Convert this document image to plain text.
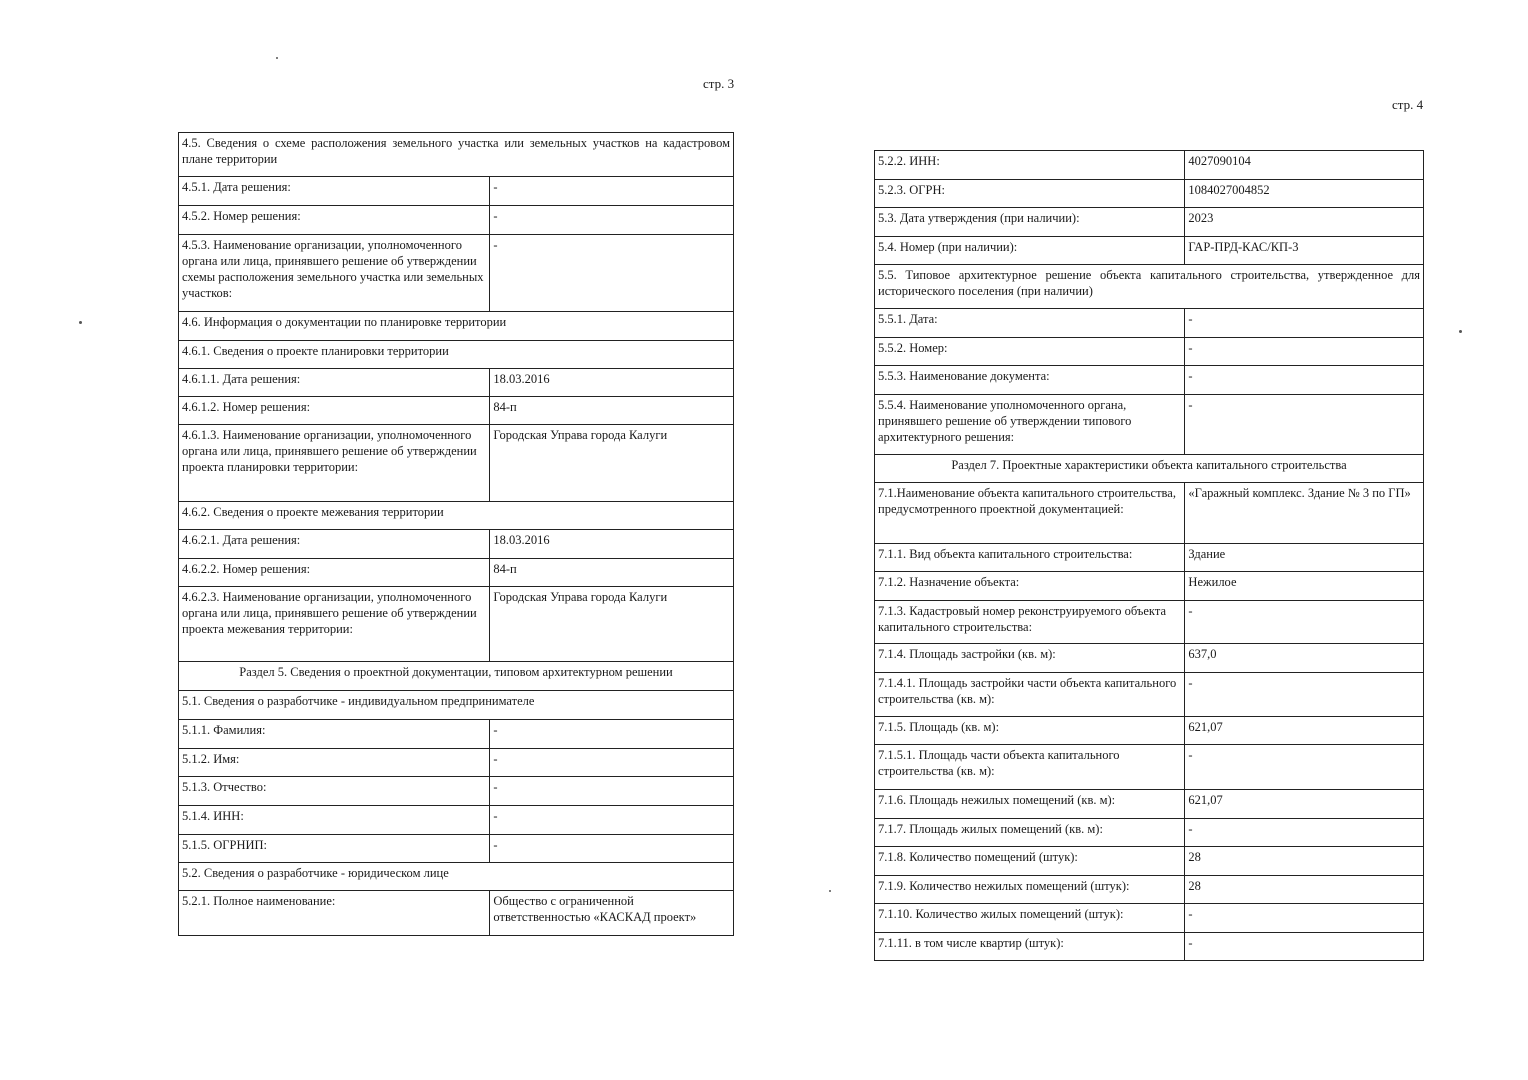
стр. 3
стр. 4
4.5. Сведения о схеме расположения земельного участка или земельных участков на кадастровом плане территории	
4.5.1. Дата решения:	-
4.5.2. Номер решения:	-
4.5.3. Наименование организации, уполномоченного органа или лица, принявшего решение об утверждении схемы расположения земельного участка или земельных участков:	-
4.6. Информация о документации по планировке территории	
4.6.1. Сведения о проекте планировки территории	
4.6.1.1. Дата решения:	18.03.2016
4.6.1.2. Номер решения:	84-п
4.6.1.3. Наименование организации, уполномоченного органа или лица, принявшего решение об утверждении проекта планировки территории:	Городская Управа города Калуги
4.6.2. Сведения о проекте межевания территории	
4.6.2.1. Дата решения:	18.03.2016
4.6.2.2. Номер решения:	84-п
4.6.2.3. Наименование организации, уполномоченного органа или лица, принявшего решение об утверждении проекта межевания территории:	Городская Управа города Калуги
Раздел 5. Сведения о проектной документации, типовом архитектурном решении	
5.1. Сведения о разработчике - индивидуальном предпринимателе	
5.1.1. Фамилия:	-
5.1.2. Имя:	-
5.1.3. Отчество:	-
5.1.4. ИНН:	-
5.1.5. ОГРНИП:	-
5.2. Сведения о разработчике - юридическом лице	
5.2.1. Полное наименование:	Общество с ограниченной ответственностью «КАСКАД проект»
5.2.2. ИНН:	4027090104
5.2.3. ОГРН:	1084027004852
5.3. Дата утверждения (при наличии):	2023
5.4. Номер (при наличии):	ГАР-ПРД-КАС/КП-3
5.5. Типовое архитектурное решение объекта капитального строительства, утвержденное для исторического поселения (при наличии)	
5.5.1. Дата:	-
5.5.2. Номер:	-
5.5.3. Наименование документа:	-
5.5.4. Наименование уполномоченного органа, принявшего решение об утверждении типового архитектурного решения:	-
Раздел 7. Проектные характеристики объекта капитального строительства	
7.1.Наименование объекта капитального строительства, предусмотренного проектной документацией:	«Гаражный комплекс. Здание № 3 по ГП»
7.1.1. Вид объекта капитального строительства:	Здание
7.1.2. Назначение объекта:	Нежилое
7.1.3. Кадастровый номер реконструируемого объекта капитального строительства:	-
7.1.4. Площадь застройки (кв. м):	637,0
7.1.4.1. Площадь застройки части объекта капитального строительства (кв. м):	-
7.1.5. Площадь (кв. м):	621,07
7.1.5.1. Площадь части объекта капитального строительства (кв. м):	-
7.1.6. Площадь нежилых помещений (кв. м):	621,07
7.1.7. Площадь жилых помещений (кв. м):	-
7.1.8. Количество помещений (штук):	28
7.1.9. Количество нежилых помещений (штук):	28
7.1.10. Количество жилых помещений (штук):	-
7.1.11. в том числе квартир (штук):	-
